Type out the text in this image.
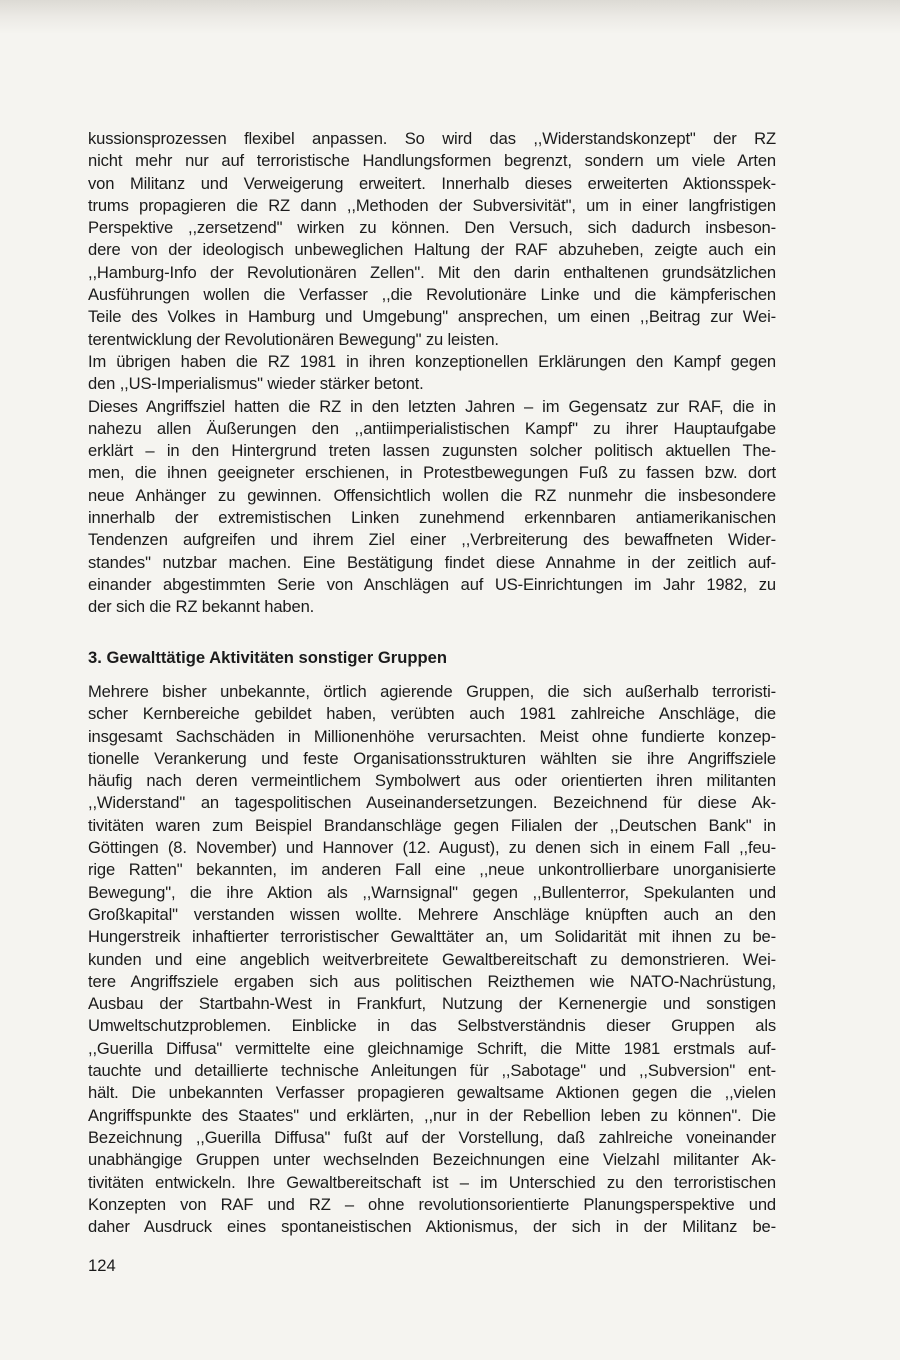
kussionsprozessen flexibel anpassen. So wird das ,,Widerstandskonzept" der RZ
nicht mehr nur auf terroristische Handlungsformen begrenzt, sondern um viele Arten
von Militanz und Verweigerung erweitert. Innerhalb dieses erweiterten Aktionsspek-
trums propagieren die RZ dann ,,Methoden der Subversivität", um in einer langfristigen
Perspektive ,,zersetzend" wirken zu können. Den Versuch, sich dadurch insbeson-
dere von der ideologisch unbeweglichen Haltung der RAF abzuheben, zeigte auch ein
,,Hamburg-Info der Revolutionären Zellen". Mit den darin enthaltenen grundsätzlichen
Ausführungen wollen die Verfasser ,,die Revolutionäre Linke und die kämpferischen
Teile des Volkes in Hamburg und Umgebung" ansprechen, um einen ,,Beitrag zur Wei-
terentwicklung der Revolutionären Bewegung" zu leisten.
Im übrigen haben die RZ 1981 in ihren konzeptionellen Erklärungen den Kampf gegen
den ,,US-Imperialismus" wieder stärker betont.
Dieses Angriffsziel hatten die RZ in den letzten Jahren – im Gegensatz zur RAF, die in
nahezu allen Äußerungen den ,,antiimperialistischen Kampf" zu ihrer Hauptaufgabe
erklärt – in den Hintergrund treten lassen zugunsten solcher politisch aktuellen The-
men, die ihnen geeigneter erschienen, in Protestbewegungen Fuß zu fassen bzw. dort
neue Anhänger zu gewinnen. Offensichtlich wollen die RZ nunmehr die insbesondere
innerhalb der extremistischen Linken zunehmend erkennbaren antiamerikanischen
Tendenzen aufgreifen und ihrem Ziel einer ,,Verbreiterung des bewaffneten Wider-
standes" nutzbar machen. Eine Bestätigung findet diese Annahme in der zeitlich auf-
einander abgestimmten Serie von Anschlägen auf US-Einrichtungen im Jahr 1982, zu
der sich die RZ bekannt haben.
3. Gewalttätige Aktivitäten sonstiger Gruppen
Mehrere bisher unbekannte, örtlich agierende Gruppen, die sich außerhalb terroristi-
scher Kernbereiche gebildet haben, verübten auch 1981 zahlreiche Anschläge, die
insgesamt Sachschäden in Millionenhöhe verursachten. Meist ohne fundierte konzep-
tionelle Verankerung und feste Organisationsstrukturen wählten sie ihre Angriffsziele
häufig nach deren vermeintlichem Symbolwert aus oder orientierten ihren militanten
,,Widerstand" an tagespolitischen Auseinandersetzungen. Bezeichnend für diese Ak-
tivitäten waren zum Beispiel Brandanschläge gegen Filialen der ,,Deutschen Bank" in
Göttingen (8. November) und Hannover (12. August), zu denen sich in einem Fall ,,feu-
rige Ratten" bekannten, im anderen Fall eine ,,neue unkontrollierbare unorganisierte
Bewegung", die ihre Aktion als ,,Warnsignal" gegen ,,Bullenterror, Spekulanten und
Großkapital" verstanden wissen wollte. Mehrere Anschläge knüpften auch an den
Hungerstreik inhaftierter terroristischer Gewalttäter an, um Solidarität mit ihnen zu be-
kunden und eine angeblich weitverbreitete Gewaltbereitschaft zu demonstrieren. Wei-
tere Angriffsziele ergaben sich aus politischen Reizthemen wie NATO-Nachrüstung,
Ausbau der Startbahn-West in Frankfurt, Nutzung der Kernenergie und sonstigen
Umweltschutzproblemen. Einblicke in das Selbstverständnis dieser Gruppen als
,,Guerilla Diffusa" vermittelte eine gleichnamige Schrift, die Mitte 1981 erstmals auf-
tauchte und detaillierte technische Anleitungen für ,,Sabotage" und ,,Subversion" ent-
hält. Die unbekannten Verfasser propagieren gewaltsame Aktionen gegen die ,,vielen
Angriffspunkte des Staates" und erklärten, ,,nur in der Rebellion leben zu können". Die
Bezeichnung ,,Guerilla Diffusa" fußt auf der Vorstellung, daß zahlreiche voneinander
unabhängige Gruppen unter wechselnden Bezeichnungen eine Vielzahl militanter Ak-
tivitäten entwickeln. Ihre Gewaltbereitschaft ist – im Unterschied zu den terroristischen
Konzepten von RAF und RZ – ohne revolutionsorientierte Planungsperspektive und
daher Ausdruck eines spontaneistischen Aktionismus, der sich in der Militanz be-
124
